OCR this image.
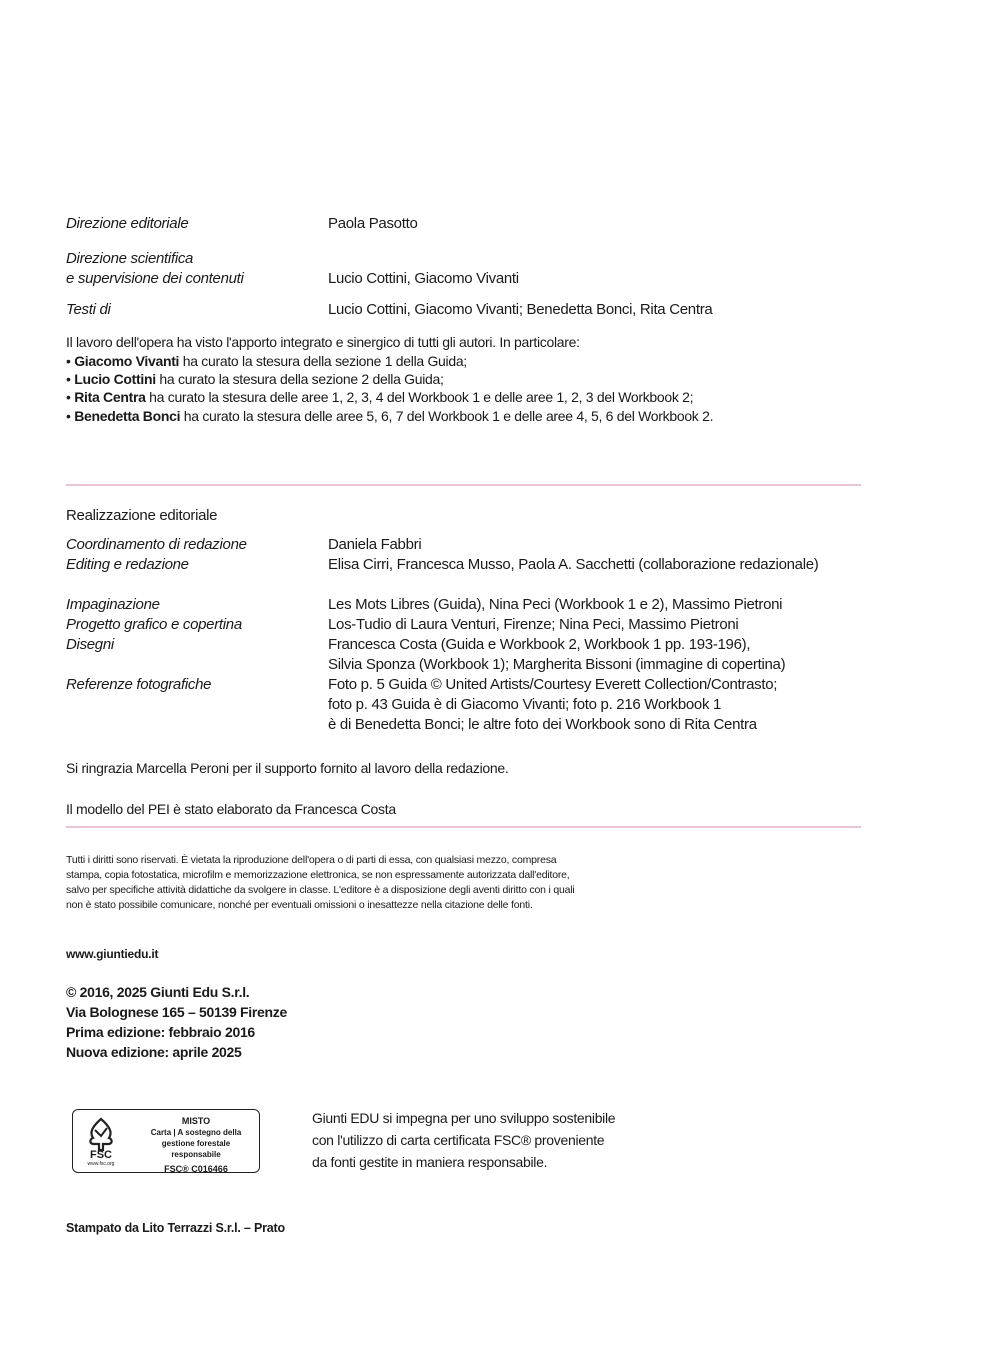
Direzione editoriale	Paola Pasotto
Direzione scientifica
e supervisione dei contenuti	Lucio Cottini, Giacomo Vivanti
Testi di	Lucio Cottini, Giacomo Vivanti; Benedetta Bonci, Rita Centra
Il lavoro dell'opera ha visto l'apporto integrato e sinergico di tutti gli autori. In particolare:
• Giacomo Vivanti ha curato la stesura della sezione 1 della Guida;
• Lucio Cottini ha curato la stesura della sezione 2 della Guida;
• Rita Centra ha curato la stesura delle aree 1, 2, 3, 4 del Workbook 1 e delle aree 1, 2, 3 del Workbook 2;
• Benedetta Bonci ha curato la stesura delle aree 5, 6, 7 del Workbook 1 e delle aree 4, 5, 6 del Workbook 2.
Realizzazione editoriale
Coordinamento di redazione	Daniela Fabbri
Editing e redazione	Elisa Cirri, Francesca Musso, Paola A. Sacchetti (collaborazione redazionale)
Impaginazione	Les Mots Libres (Guida), Nina Peci (Workbook 1 e 2), Massimo Pietroni
Progetto grafico e copertina	Los-Tudio di Laura Venturi, Firenze; Nina Peci, Massimo Pietroni
Disegni	Francesca Costa (Guida e Workbook 2, Workbook 1 pp. 193-196),
Silvia Sponza (Workbook 1); Margherita Bissoni (immagine di copertina)
Referenze fotografiche	Foto p. 5 Guida © United Artists/Courtesy Everett Collection/Contrasto;
foto p. 43 Guida è di Giacomo Vivanti; foto p. 216 Workbook 1
è di Benedetta Bonci; le altre foto dei Workbook sono di Rita Centra
Si ringrazia Marcella Peroni per il supporto fornito al lavoro della redazione.
Il modello del PEI è stato elaborato da Francesca Costa
Tutti i diritti sono riservati. È vietata la riproduzione dell'opera o di parti di essa, con qualsiasi mezzo, compresa
stampa, copia fotostatica, microfilm e memorizzazione elettronica, se non espressamente autorizzata dall'editore,
salvo per specifiche attività didattiche da svolgere in classe. L'editore è a disposizione degli aventi diritto con i quali
non è stato possibile comunicare, nonché per eventuali omissioni o inesattezze nella citazione delle fonti.
www.giuntiedu.it
© 2016, 2025 Giunti Edu S.r.l.
Via Bolognese 165 – 50139 Firenze
Prima edizione: febbraio 2016
Nuova edizione: aprile 2025
FSC
www.fsc.org
MISTO
Carta | A sostegno della
gestione forestale responsabile
FSC® C016466
Giunti EDU si impegna per uno sviluppo sostenibile
con l'utilizzo di carta certificata FSC® proveniente
da fonti gestite in maniera responsabile.
Stampato da Lito Terrazzi S.r.l. – Prato
